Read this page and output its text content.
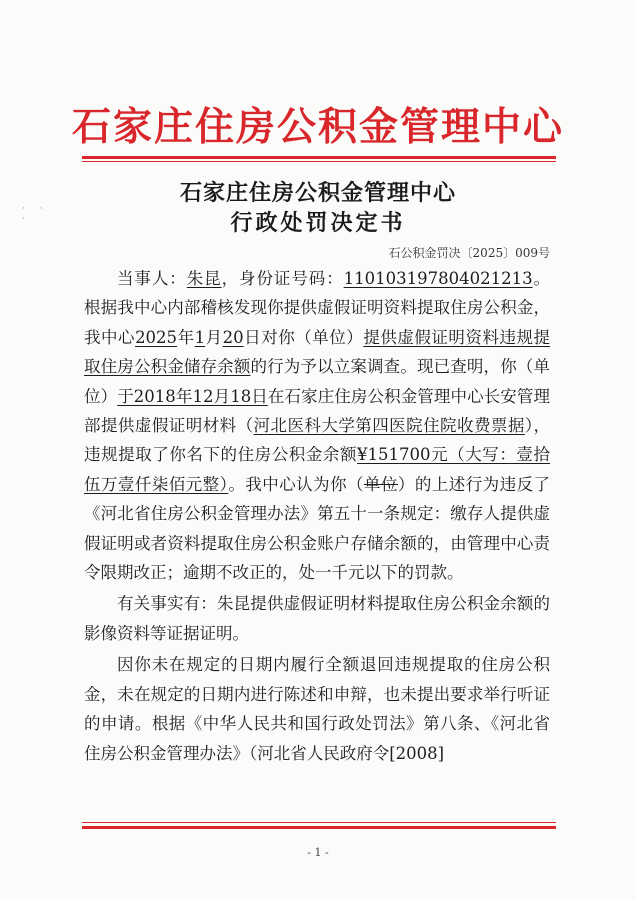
· · ·
石家庄住房公积金管理中心
石家庄住房公积金管理中心
行政处罚决定书
石公积金罚决〔2025〕009号

当事人：朱昆，身份证号码：110103197804021213。根据我中心内部稽核发现你提供虚假证明资料提取住房公积金，我中心2025年1月20日对你（单位）提供虚假证明资料违规提取住房公积金储存余额的行为予以立案调查。现已查明，你（单位）于2018年12月18日在石家庄住房公积金管理中心长安管理部提供虚假证明材料（河北医科大学第四医院住院收费票据），违规提取了你名下的住房公积金余额¥151700元（大写：壹拾伍万壹仟柒佰元整）。我中心认为你（单位）的上述行为违反了《河北省住房公积金管理办法》第五十一条规定：缴存人提供虚假证明或者资料提取住房公积金账户存储余额的，由管理中心责令限期改正；逾期不改正的，处一千元以下的罚款。

有关事实有：朱昆提供虚假证明材料提取住房公积金余额的影像资料等证据证明。

因你未在规定的日期内履行全额退回违规提取的住房公积金，未在规定的日期内进行陈述和申辩，也未提出要求举行听证的申请。根据《中华人民共和国行政处罚法》第八条、《河北省住房公积金管理办法》（河北省人民政府令[2008]

- 1 -
